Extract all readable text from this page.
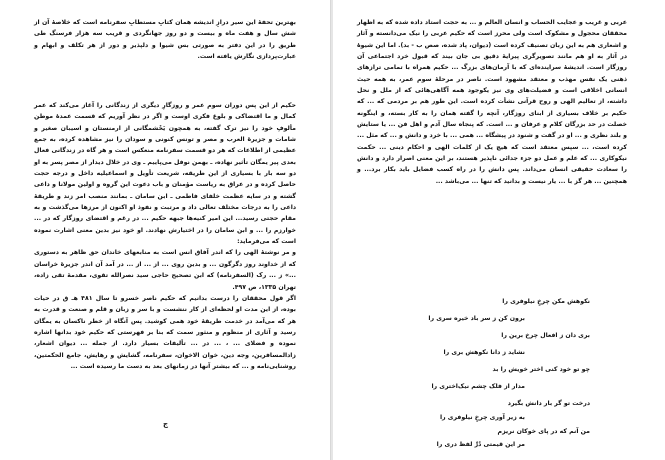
بهترین تحفهٔ این سیر درازِ اندیشه همان کتابِ مستطابِ سفرنامه است که خلاصهٔ آن از شش سال و هفت ماه و بیست و دو روز جهانگردی و قریب سه هزار فرسنگ طی طریق را در این دفتر به صورتی بس شیوا و دلپذیر و دور از هر تکلف و ابهام و عبارت‌پردازی نگارش یافته است.

حکیم از این پس دوران سوم عمر و روزگارِ دیگری از زندگانی را آغاز می‌کند که عمر کمال و ما اقتضاکی و بلوغ فکری اوست و اگر در نظر آوریم که قسمت عمدهٔ موطن مألوفِ خود را نیز ترک گفته، به همچون یَحْشمگانی از ارمنستان و اسیبان صغیر و شامات و جزیرهٔ العرب و مصر و تونس کنونی و سودان را نیز مشاهده کرده، به جمع عظیمی از اطلاعات که هر دو قسمت سفرنامه منعکس است و هر گاه در زندگانی فعال بعدی پیر یمگان تأثیر نهاده، ـ بهمن نوفل می‌پاییم ـ وی در خلال دیدار از مصر پسر به او دو سه بار با بسیاری از این طریقه، شریعت تأویل و اسماعیلیه داخل و درجه حجت حاصل کرده و در عراق به ریاست مؤمنان و باب دعوت این گروه و اولین مولانا و داعی گشته و در سایه عظمت خلفای فاطمی ـ ابن سامان ـ بمانند منصب امر زند و طریقهٔ داعی را به درجات مختلف تعالی داد و مرتبت و نفوذ او اکنون از مرزها می‌گذشت و به مقام حجتی رسید... این امیر کنیه‌ها جبهه حکیم ... در رغم و اقتضای روزگار که در ... خوارزم را ... و ابن سامان را در اختیارش نهادند. او خود نیز بدین معنی اشارت نموده است که می‌فرماید:

و مر نوشتهٔ الهی را که اندر آفاق انس است به منابعهای خاندان حق ظاهر به دستوری که از خداوند روز دگرگون ... و بدین روی ... از ... از ... در آمد آن اندر جزیرهٔ خراسان ...» ز ... رک (السفرنامه) که ابن تصحیح حاجی سید نصرالله تقوی، مقدمهٔ تقی زاده، تهران ۱۳۳۵، ص ۴۹۷.

اگر قول محققان را درست بدانیم که حکیم ناصر خسرو تا سال ۴۸۱ هـ ق در حیات بوده، از این مدت او لحظه‌ای از کار ننشست و با سر و زبان و قلم و صنعت و قدرت به هر که می‌آمد در خدمت طریقهٔ خود همی کوشید. پس آنگاه از خطر ناکسان به یمگان رسید و آثاری از منظوم و منثور سمت که بنا بر فهرستی که حکیم خود بدانها اشاره نموده و فضلای ... ، ... در ... تألیفات بسیار دارد. از جمله ... دیوان اشعار، زادالمسافرین، وجه دین، خوان الاخوان، سفرنامه، گشایش و رهایش، جامع الحکمتین، روشنایی‌نامه و ... که بیشتر آنها در زمانهای بعد به دست ما رسیده است ...

ج

عربی و غریب و عجایب الحساب و انسان العالم و ... به حجت استاد داده شده که به اظهار محققان محجول و مشکوک است ولی محرز است که حکیم عربی را نیک می‌دانسته و آثار و اشعاری هم به این زبان تصنیف کرده است (دیوان، پاد شده، صص ب - بد). اما این شیوهٔ در آثار به او هم مانند تصویرگری پیرایهٔ دقیق بی جان بیند که قبول خرد اجتماعی آن روزگار است. اندیشهٔ سراینده‌ای که با آرمان‌های بزرگ ... حکیم همراه با تمامی ترازهای ذهنی یک نفس مهذب و معتقد مشهود است. ناصر در مرحلهٔ سوم عمر، به همه حیث انسانی اخلاقی است و فضیلت‌های وی نیز یکوجود همه آگاهی‌هائی که از ملل و نحل داشته، از تعالیم الهی و روح قرآنی نشأت کرده است. این طور هم بر مردمی که ... که حکیم بر خلاف بسیاری از ابنای روزگار، آنچه را گفته همان را به کار بسته، و اینگونه خصلت در حد بزرگان کلام و عرفان و ... است. که پنجاه سال آدم و اهل فن ... یا ستایش و بلند نظری و ... او در گفت و شنود در پیشگاه ... همی ... با خرد و دانش و ... که مثل ... کرده است، ... سپس معتقد است که هیچ یک از کلمات الهی و احکام دینی ... حکمت نیکوکاری ... که علم و عمل دو جزء جدائی ناپذیر هستند، بر این معنی اصرار دارد و دانش را سعادت حقیقی انسان می‌داند. پس دانش را در راه کسب فضایل باید بکار برد... و همچنین ... هر گز با ... یار نیست و بدانید که تنها ... می‌باشد ...

نکوهش مکن چرخِ نیلوفری را
برون کن ز سر باد خیره سری را
بری دان ز افعال چرخ برین را
نشاید ز دانا نکوهش بری را
چو تو خود کنی اختر خویش را بد
مدار از فلک چشم نیک‌اختری را
درخت تو گر بار دانش بگیرد
به زیر آوری چرخِ نیلوفری را
من آنم که در پای خوکان نریزم
مر این قیمتی دُرِّ لفظ دری را
